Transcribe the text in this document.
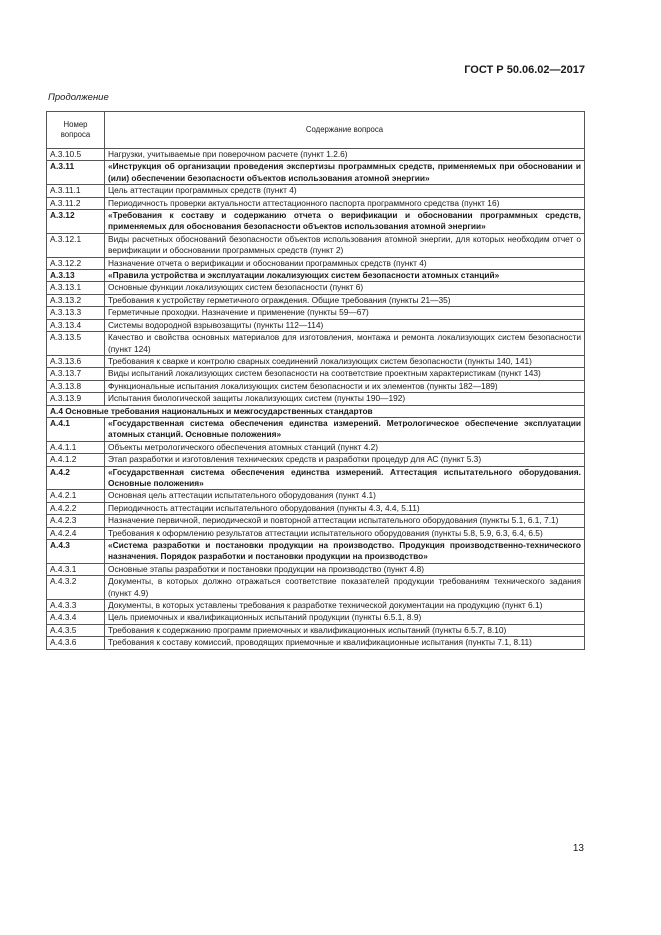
ГОСТ Р 50.06.02—2017
Продолжение
Номер вопроса	Содержание вопроса
А.3.10.5	Нагрузки, учитываемые при поверочном расчете (пункт 1.2.6)
А.3.11	«Инструкция об организации проведения экспертизы программных средств, применяемых при обосновании и (или) обеспечении безопасности объектов использования атомной энергии»
А.3.11.1	Цель аттестации программных средств (пункт 4)
А.3.11.2	Периодичность проверки актуальности аттестационного паспорта программного средства (пункт 16)
А.3.12	«Требования к составу и содержанию отчета о верификации и обосновании программных средств, применяемых для обоснования безопасности объектов использования атомной энергии»
А.3.12.1	Виды расчетных обоснований безопасности объектов использования атомной энергии, для которых необходим отчет о верификации и обосновании программных средств (пункт 2)
А.3.12.2	Назначение отчета о верификации и обосновании программных средств (пункт 4)
А.3.13	«Правила устройства и эксплуатации локализующих систем безопасности атомных станций»
А.3.13.1	Основные функции локализующих систем безопасности (пункт 6)
А.3.13.2	Требования к устройству герметичного ограждения. Общие требования (пункты 21—35)
А.3.13.3	Герметичные проходки. Назначение и применение (пункты 59—67)
А.3.13.4	Системы водородной взрывозащиты (пункты 112—114)
А.3.13.5	Качество и свойства основных материалов для изготовления, монтажа и ремонта локализующих систем безопасности (пункт 124)
А.3.13.6	Требования к сварке и контролю сварных соединений локализующих систем безопасности (пункты 140, 141)
А.3.13.7	Виды испытаний локализующих систем безопасности на соответствие проектным характеристикам (пункт 143)
А.3.13.8	Функциональные испытания локализующих систем безопасности и их элементов (пункты 182—189)
А.3.13.9	Испытания биологической защиты локализующих систем (пункты 190—192)
А.4 Основные требования национальных и межгосударственных стандартов	
А.4.1	«Государственная система обеспечения единства измерений. Метрологическое обеспечение эксплуатации атомных станций. Основные положения»
А.4.1.1	Объекты метрологического обеспечения атомных станций (пункт 4.2)
А.4.1.2	Этап разработки и изготовления технических средств и разработки процедур для АС (пункт 5.3)
А.4.2	«Государственная система обеспечения единства измерений. Аттестация испытательного оборудования. Основные положения»
А.4.2.1	Основная цель аттестации испытательного оборудования (пункт 4.1)
А.4.2.2	Периодичность аттестации испытательного оборудования (пункты 4.3, 4.4, 5.11)
А.4.2.3	Назначение первичной, периодической и повторной аттестации испытательного оборудования (пункты 5.1, 6.1, 7.1)
А.4.2.4	Требования к оформлению результатов аттестации испытательного оборудования (пункты 5.8, 5.9, 6.3, 6.4, 6.5)
А.4.3	«Система разработки и постановки продукции на производство. Продукция производственно-технического назначения. Порядок разработки и постановки продукции на производство»
А.4.3.1	Основные этапы разработки и постановки продукции на производство (пункт 4.8)
А.4.3.2	Документы, в которых должно отражаться соответствие показателей продукции требованиям технического задания (пункт 4.9)
А.4.3.3	Документы, в которых уставлены требования к разработке технической документации на продукцию (пункт 6.1)
А.4.3.4	Цель приемочных и квалификационных испытаний продукции (пункты 6.5.1, 8.9)
А.4.3.5	Требования к содержанию программ приемочных и квалификационных испытаний (пункты 6.5.7, 8.10)
А.4.3.6	Требования к составу комиссий, проводящих приемочные и квалификационные испытания (пункты 7.1, 8.11)
13
